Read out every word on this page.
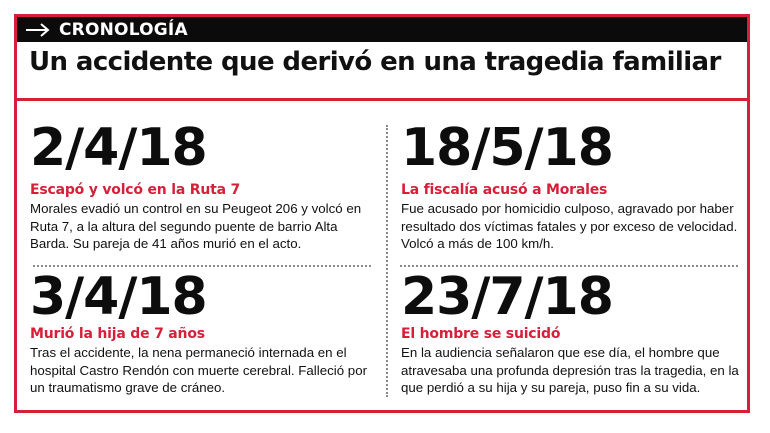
CRONOLOGÍA
Un accidente que derivó en una tragedia familiar
2/4/18
Escapó y volcó en la Ruta 7
Morales evadió un control en su Peugeot 206 y volcó en Ruta 7, a la altura del segundo puente de barrio Alta Barda. Su pareja de 41 años murió en el acto.
18/5/18
La fiscalía acusó a Morales
Fue acusado por homicidio culposo, agravado por haber resultado dos víctimas fatales y por exceso de velocidad. Volcó a más de 100 km/h.
3/4/18
Murió la hija de 7 años
Tras el accidente, la nena permaneció internada en el hospital Castro Rendón con muerte cerebral. Falleció por un traumatismo grave de cráneo.
23/7/18
El hombre se suicidó
En la audiencia señalaron que ese día, el hombre que atravesaba una profunda depresión tras la tragedia, en la que perdió a su hija y su pareja, puso fin a su vida.
